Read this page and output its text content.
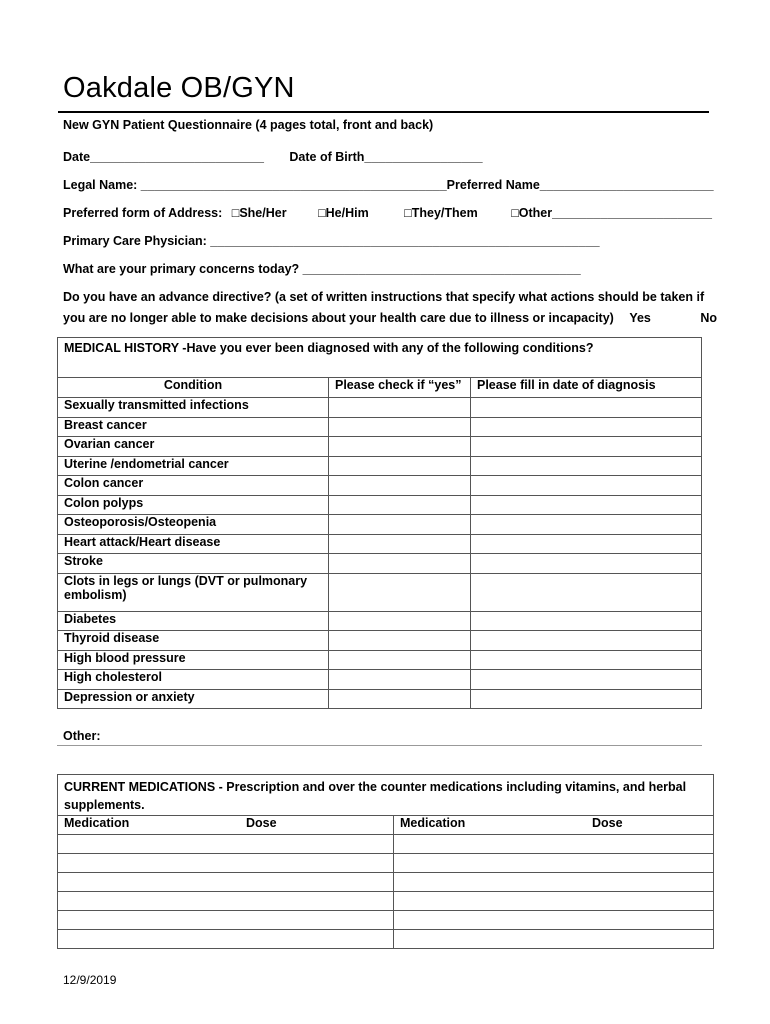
Oakdale OB/GYN
New GYN Patient Questionnaire (4 pages total, front and back)
Date_________________________ Date of Birth_________________
Legal Name: ____________________________________________Preferred Name_________________________
Preferred form of Address: □She/Her	□He/Him	□They/Them	□Other_______________________
Primary Care Physician: ________________________________________________________
What are your primary concerns today? ________________________________________
Do you have an advance directive? (a set of written instructions that specify what actions should be taken if
you are no longer able to make decisions about your health care due to illness or incapacity) Yes	No
MEDICAL HISTORY -Have you ever been diagnosed with any of the following conditions?		
Condition	Please check if “yes”	Please fill in date of diagnosis
Sexually transmitted infections		
Breast cancer		
Ovarian cancer		
Uterine /endometrial cancer		
Colon cancer		
Colon polyps		
Osteoporosis/Osteopenia		
Heart attack/Heart disease		
Stroke		
Clots in legs or lungs (DVT or pulmonary embolism)		
Diabetes		
Thyroid disease		
High blood pressure		
High cholesterol		
Depression or anxiety		
Other:
CURRENT MEDICATIONS - Prescription and over the counter medications including vitamins, and herbal supplements.			
Medication	Dose	Medication	Dose

12/9/2019
